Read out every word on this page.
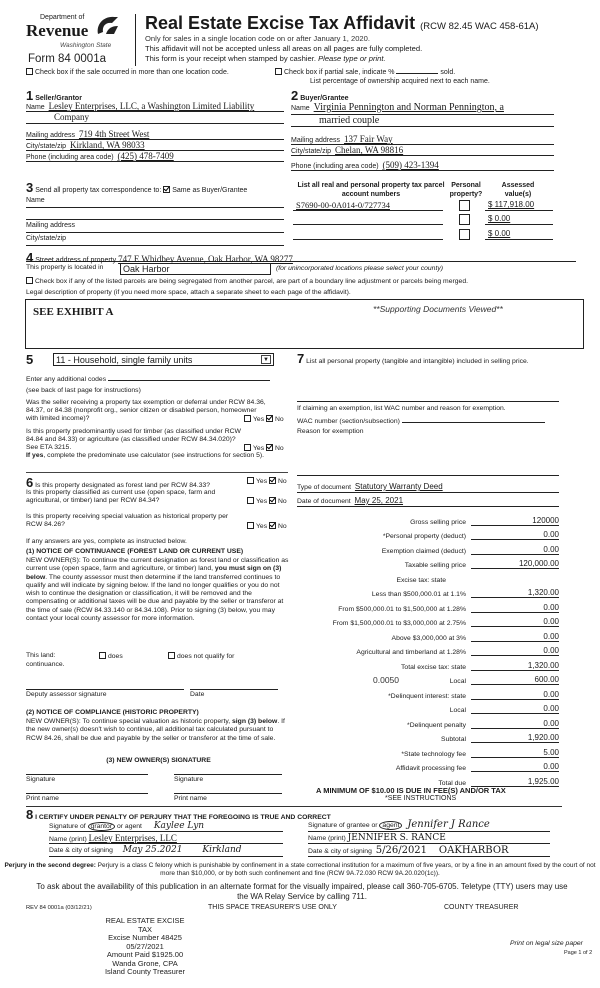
Department of
Revenue
Washington State
Form 84 0001a
Real Estate Excise Tax Affidavit (RCW 82.45 WAC 458-61A)
Only for sales in a single location code on or after January 1, 2020.
This affidavit will not be accepted unless all areas on all pages are fully completed.
This form is your receipt when stamped by cashier. Please type or print.
Check box if the sale occurred in more than one location code.	Check box if partial sale, indicate %	sold.
List percentage of ownership acquired next to each name.
1 Seller/Grantor
Name Lesley Enterprises, LLC, a Washington Limited Liability
Company
Mailing address 719 4th Street West
City/state/zip Kirkland, WA 98033
Phone (including area code) (425) 478-7409
2 Buyer/Grantee
Name Virginia Pennington and Norman Pennington, a
married couple
Mailing address 137 Fair Way
City/state/zip Chelan, WA 98816
Phone (including area code) (509) 423-1394
3 Send all property tax correspondence to: Same as Buyer/Grantee
Name
Mailing address
City/state/zip
List all real and personal property tax parcel account numbers
Personal property?
Assessed value(s)
S7690-00-0A014-0/727734	$ 117,918.00
$ 0.00
$ 0.00
4 Street address of property 747 E Whidbey Avenue, Oak Harbor, WA 98277
This property is located in	Oak Harbor	(for unincorporated locations please select your county)
Check box if any of the listed parcels are being segregated from another parcel, are part of a boundary line adjustment or parcels being merged.
Legal description of property (if you need more space, attach a separate sheet to each page of the affidavit).
SEE EXHIBIT A	**Supporting Documents Viewed**
5	11 - Household, single family units	▼
Enter any additional codes
(see back of last page for instructions)
Was the seller receiving a property tax exemption or deferral under RCW 84.36, 84.37, or 84.38 (nonprofit org., senior citizen or disabled person, homeowner with limited income)?	Yes No
Is this property predominantly used for timber (as classified under RCW 84.84 and 84.33) or agriculture (as classified under RCW 84.34.020)? See ETA 3215.	Yes No
If yes, complete the predominate use calculator (see instructions for section 5).
6 Is this property designated as forest land per RCW 84.33?
Yes No
Is this property classified as current use (open space, farm and agricultural, or timber) land per RCW 84.34?	Yes No
Is this property receiving special valuation as historical property per RCW 84.26?	Yes No
If any answers are yes, complete as instructed below.
(1) NOTICE OF CONTINUANCE (FOREST LAND OR CURRENT USE)
NEW OWNER(S): To continue the current designation as forest land or classification as current use (open space, farm and agriculture, or timber) land, you must sign on (3) below. The county assessor must then determine if the land transferred continues to qualify and will indicate by signing below. If the land no longer qualifies or you do not wish to continue the designation or classification, it will be removed and the compensating or additional taxes will be due and payable by the seller or transferor at the time of sale (RCW 84.33.140 or 84.34.108). Prior to signing (3) below, you may contact your local county assessor for more information.
This land:	does	does not qualify for
continuance.
Deputy assessor signature	Date
(2) NOTICE OF COMPLIANCE (HISTORIC PROPERTY)
NEW OWNER(S): To continue special valuation as historic property, sign (3) below. If the new owner(s) doesn't wish to continue, all additional tax calculated pursuant to RCW 84.26, shall be due and payable by the seller or transferor at the time of sale.
(3) NEW OWNER(S) SIGNATURE
Signature	Signature
Print name	Print name
7 List all personal property (tangible and intangible) included in selling price.
If claiming an exemption, list WAC number and reason for exemption.
WAC number (section/subsection)
Reason for exemption
Type of document Statutory Warranty Deed
Date of document May 25, 2021
Gross selling price	120000
*Personal property (deduct)	0.00
Exemption claimed (deduct)	0.00
Taxable selling price	120,000.00
Excise tax: state
Less than $500,000.01 at 1.1%	1,320.00
From $500,000.01 to $1,500,000 at 1.28%	0.00
From $1,500,000.01 to $3,000,000 at 2.75%	0.00
Above $3,000,000 at 3%	0.00
Agricultural and timberland at 1.28%	0.00
Total excise tax: state	1,320.00
0.0050	Local	600.00
*Delinquent interest: state	0.00
Local	0.00
*Delinquent penalty	0.00
Subtotal	1,920.00
*State technology fee	5.00
Affidavit processing fee	0.00
Total due	1,925.00
A MINIMUM OF $10.00 IS DUE IN FEE(S) AND/OR TAX
*SEE INSTRUCTIONS
8 I CERTIFY UNDER PENALTY OF PERJURY THAT THE FOREGOING IS TRUE AND CORRECT
Signature of grantor or agent Kaylee Lyn
Name (print) Lesley Enterprises, LLC
Date & city of signing May 25.2021 Kirkland
Signature of grantee or agent Jennifer J Rance
Name (print) JENNIFER S. RANCE
Date & city of signing 5/26/2021 OAKHARBOR
Perjury in the second degree: Perjury is a class C felony which is punishable by confinement in a state correctional institution for a maximum of five years, or by a fine in an amount fixed by the court of not more than $10,000, or by both such confinement and fine (RCW 9A.72.030 RCW 9A.20.020(1c)).
To ask about the availability of this publication in an alternate format for the visually impaired, please call 360-705-6705. Teletype (TTY) users may use the WA Relay Service by calling 711.
REV 84 0001a (03/12/21)	THIS SPACE TREASURER'S USE ONLY	COUNTY TREASURER
REAL ESTATE EXCISE TAX
Excise Number 48425
05/27/2021
Amount Paid $1925.00
Wanda Grone, CPA
Island County Treasurer
Print on legal size paper
Page 1 of 2
